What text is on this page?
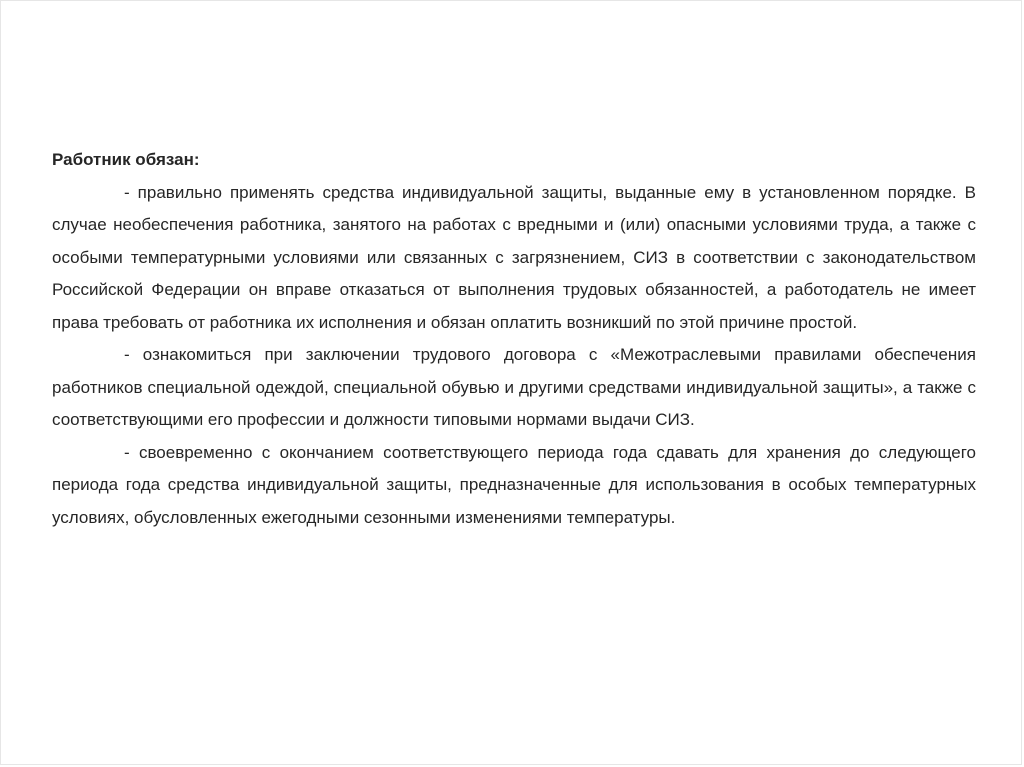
Работник обязан:

- правильно применять средства индивидуальной защиты, выданные ему в установленном порядке. В случае необеспечения работника, занятого на работах с вредными и (или) опасными условиями труда, а также с особыми температурными условиями или связанных с загрязнением, СИЗ в соответствии с законодательством Российской Федерации он вправе отказаться от выполнения трудовых обязанностей, а работодатель не имеет права требовать от работника их исполнения и обязан оплатить возникший по этой причине простой.

- ознакомиться при заключении трудового договора с «Межотраслевыми правилами обеспечения работников специальной одеждой, специальной обувью и другими средствами индивидуальной защиты», а также с соответствующими его профессии и должности типовыми нормами выдачи СИЗ.

- своевременно с окончанием соответствующего периода года сдавать для хранения до следующего периода года средства индивидуальной защиты, предназначенные для использования в особых температурных условиях, обусловленных ежегодными сезонными изменениями температуры.
